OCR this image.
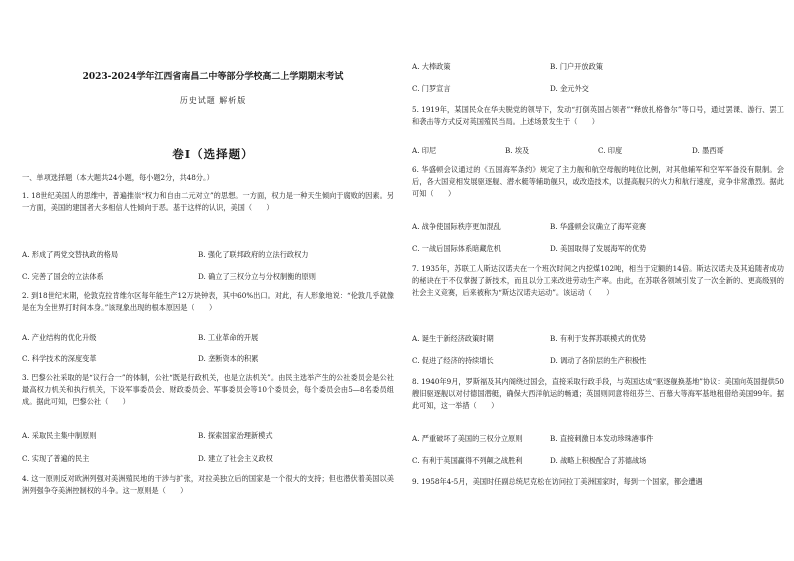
2023-2024学年江西省南昌二中等部分学校高二上学期期末考试
历史试题 解析版
卷Ⅰ（选择题）
一、单项选择题（本大题共24小题，每小题2分，共48分。）
1. 18世纪美国人的思维中，普遍推崇“权力和自由二元对立”的思想。一方面，权力是一种天生倾向于腐败的因素。另一方面，美国的建国者大多相信人性倾向于恶。基于这样的认识，美国（　　）
A. 形成了两党交替执政的格局	B. 强化了联邦政府的立法行政权力
C. 完善了国会的立法体系	D. 确立了三权分立与分权制衡的原则
2. 到18世纪末期，伦敦克拉肯维尔区每年能生产12万块钟表，其中60%出口。对此，有人形象地说：“伦敦几乎就像是在为全世界打时间本身。”该现象出现的根本原因是（　　）
A. 产业结构的优化升级	B. 工业革命的开展
C. 科学技术的深度变革	D. 垄断资本的积累
3. 巴黎公社采取的是“议行合一”的体制，公社“既是行政机关，也是立法机关”。由民主选举产生的公社委员会是公社最高权力机关和执行机关，下设军事委员会、财政委员会、军事委员会等10个委员会，每个委员会由5—8名委员组成。据此可知，巴黎公社（　　）
A. 采取民主集中制原则	B. 探索国家治理新模式
C. 实现了普遍的民主	D. 建立了社会主义政权
4. 这一原则反对欧洲列强对美洲殖民地的干涉与扩张，对拉美独立后的国家是一个很大的支持；但也潜伏着美国以美洲列强争夺美洲控制权的斗争。这一原则是（　　）
A. 大棒政策	B. 门户开放政策
C. 门罗宣言	D. 金元外交
5. 1919年，某国民众在华夫脱党的领导下，发动“打倒英国占领者”“释放扎格鲁尔”等口号，通过罢课、游行、罢工和袭击等方式反对英国殖民当局。上述场景发生于（　　）
A. 印尼	B. 埃及	C. 印度	D. 墨西哥
6. 华盛顿会议通过的《五国海军条约》规定了主力舰和航空母舰的吨位比例，对其他辅军和空军军备没有限制。会后，各大国竞相发展驱逐舰、潜水艇等辅助舰只，或改造技术，以提高舰只的火力和航行速度，竞争非常激烈。据此可知（　　）
A. 战争使国际秩序更加混乱	B. 华盛顿会议确立了海军竞赛
C. 一战后国际体系暗藏危机	D. 美国取得了发展海军的优势
7. 1935年，苏联工人斯达汉诺夫在一个班次时间之内挖煤102吨，相当于定额的14倍。斯达汉诺夫及其追随者成功的秘诀在于不仅掌握了新技术，而且以分工来改进劳动生产率。由此，在苏联各领域引发了一次全新的、更高级别的社会主义竞赛，后来被称为“斯达汉诺夫运动”。该运动（　　）
A. 诞生于新经济政策时期	B. 有利于发挥苏联模式的优势
C. 促进了经济的持续增长	D. 调动了各阶层的生产积极性
8. 1940年9月，罗斯福及其内阁绕过国会，直接采取行政手段，与英国达成“驱逐舰换基地”协议：美国向英国提供50艘旧驱逐舰以对付德国潜艇，确保大西洋航运的畅通；英国则同意将纽芬兰、百慕大等海军基地租借给美国99年。据此可知，这一举措（　　）
A. 严重破坏了美国的三权分立原则	B. 直接刺激日本发动珍珠港事件
C. 有利于英国赢得不列颠之战胜利	D. 战略上积极配合了苏德战场
9. 1958年4-5月，美国时任副总统尼克松在访问拉丁美洲国家时，每到一个国家，都会遭遇
